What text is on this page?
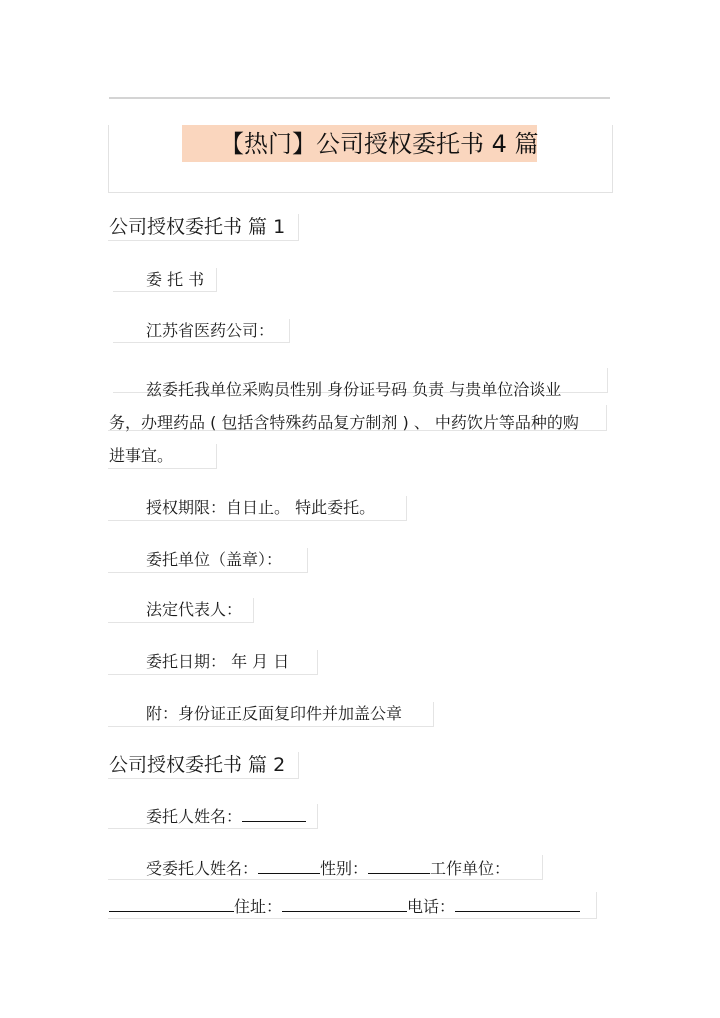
【热门】公司授权委托书 4 篇
公司授权委托书 篇 1
委 托 书
江苏省医药公司：
兹委托我单位采购员性别 身份证号码 负责 与贵单位洽谈业
务，办理药品 ( 包括含特殊药品复方制剂 ) 、 中药饮片等品种的购
进事宜。
授权期限：自日止。 特此委托。
委托单位（盖章）：
法定代表人：
委托日期： 年 月 日
附：身份证正反面复印件并加盖公章
公司授权委托书 篇 2
委托人姓名：
受委托人姓名：	性别：	工作单位：
住址：	电话：
